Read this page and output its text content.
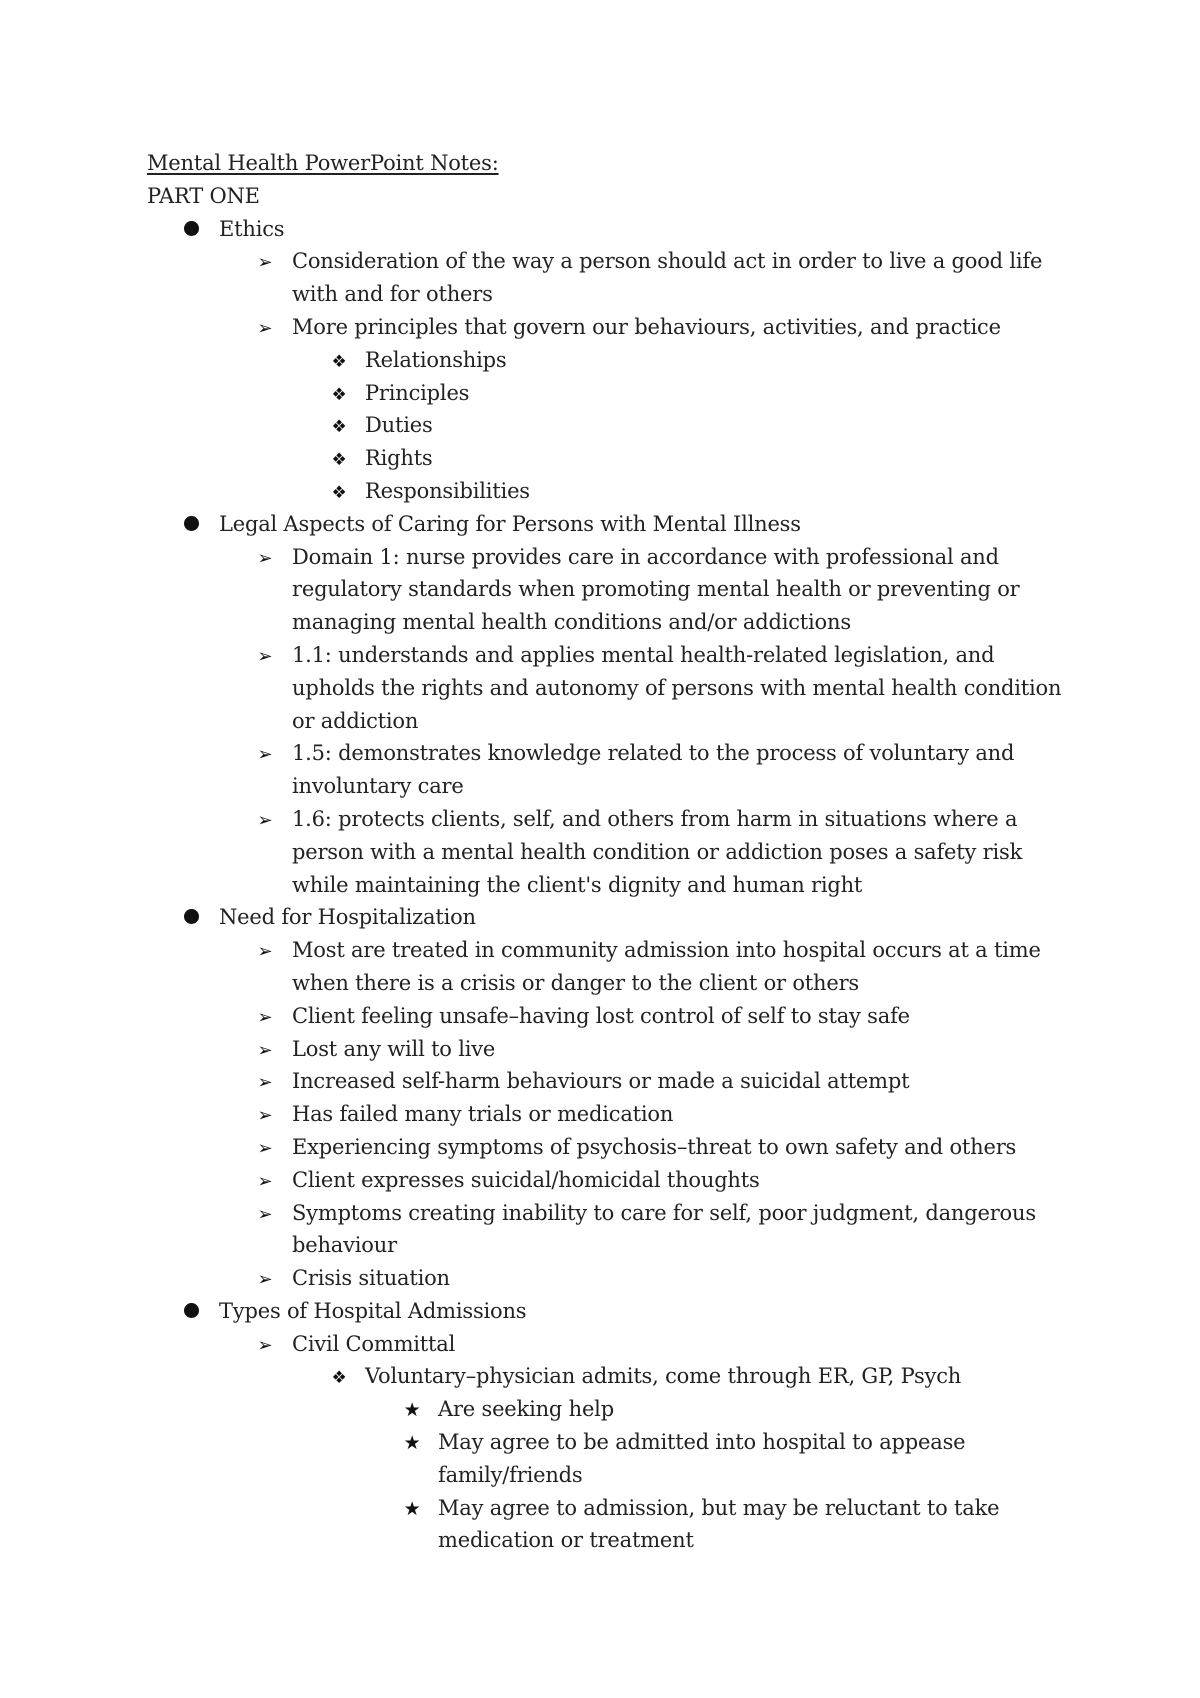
Mental Health PowerPoint Notes:
PART ONE
Ethics
➢ Consideration of the way a person should act in order to live a good life with and for others
➢ More principles that govern our behaviours, activities, and practice
❖ Relationships
❖ Principles
❖ Duties
❖ Rights
❖ Responsibilities
Legal Aspects of Caring for Persons with Mental Illness
➢ Domain 1: nurse provides care in accordance with professional and regulatory standards when promoting mental health or preventing or managing mental health conditions and/or addictions
➢ 1.1: understands and applies mental health-related legislation, and upholds the rights and autonomy of persons with mental health condition or addiction
➢ 1.5: demonstrates knowledge related to the process of voluntary and involuntary care
➢ 1.6: protects clients, self, and others from harm in situations where a person with a mental health condition or addiction poses a safety risk while maintaining the client's dignity and human right
Need for Hospitalization
➢ Most are treated in community admission into hospital occurs at a time when there is a crisis or danger to the client or others
➢ Client feeling unsafe–having lost control of self to stay safe
➢ Lost any will to live
➢ Increased self-harm behaviours or made a suicidal attempt
➢ Has failed many trials or medication
➢ Experiencing symptoms of psychosis–threat to own safety and others
➢ Client expresses suicidal/homicidal thoughts
➢ Symptoms creating inability to care for self, poor judgment, dangerous behaviour
➢ Crisis situation
Types of Hospital Admissions
➢ Civil Committal
❖ Voluntary–physician admits, come through ER, GP, Psych
★ Are seeking help
★ May agree to be admitted into hospital to appease family/friends
★ May agree to admission, but may be reluctant to take medication or treatment
